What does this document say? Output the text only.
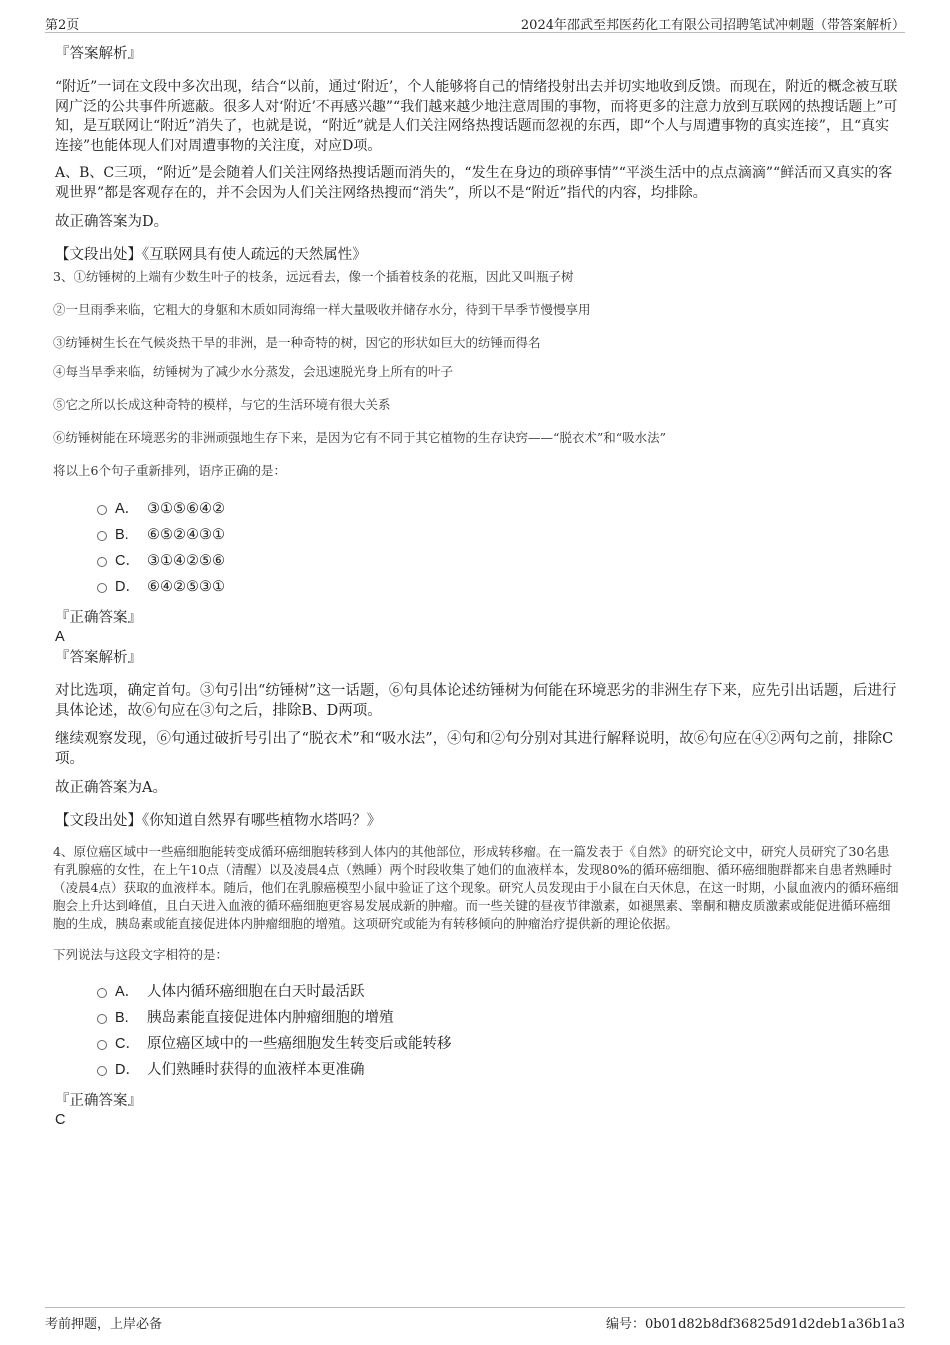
第2页	2024年邵武至邦医药化工有限公司招聘笔试冲刺题（带答案解析）

『答案解析』

“附近”一词在文段中多次出现，结合“以前，通过‘附近’，个人能够将自己的情绪投射出去并切实地收到反馈。而现在，附近的概念被互联网广泛的公共事件所遮蔽。很多人对‘附近’不再感兴趣”“我们越来越少地注意周围的事物，而将更多的注意力放到互联网的热搜话题上”可知，是互联网让“附近”消失了，也就是说，“附近”就是人们关注网络热搜话题而忽视的东西，即“个人与周遭事物的真实连接”，且“真实连接”也能体现人们对周遭事物的关注度，对应D项。

A、B、C三项，“附近”是会随着人们关注网络热搜话题而消失的，“发生在身边的琐碎事情”“平淡生活中的点点滴滴”“鲜活而又真实的客观世界”都是客观存在的，并不会因为人们关注网络热搜而“消失”，所以不是“附近”指代的内容，均排除。

故正确答案为D。

【文段出处】《互联网具有使人疏远的天然属性》

3、①纺锤树的上端有少数生叶子的枝条，远远看去，像一个插着枝条的花瓶，因此又叫瓶子树

②一旦雨季来临，它粗大的身躯和木质如同海绵一样大量吸收并储存水分，待到干旱季节慢慢享用

③纺锤树生长在气候炎热干旱的非洲，是一种奇特的树，因它的形状如巨大的纺锤而得名

④每当旱季来临，纺锤树为了减少水分蒸发，会迅速脱光身上所有的叶子

⑤它之所以长成这种奇特的模样，与它的生活环境有很大关系

⑥纺锤树能在环境恶劣的非洲顽强地生存下来，是因为它有不同于其它植物的生存诀窍——“脱衣术”和“吸水法”

将以上6个句子重新排列，语序正确的是：

A． ③①⑤⑥④②
B. ⑥⑤②④③①
C． ③①④②⑤⑥
D． ⑥④②⑤③①

『正确答案』

A

『答案解析』

对比选项，确定首句。③句引出“纺锤树”这一话题，⑥句具体论述纺锤树为何能在环境恶劣的非洲生存下来，应先引出话题，后进行具体论述，故⑥句应在③句之后，排除B、D两项。

继续观察发现，⑥句通过破折号引出了“脱衣术”和“吸水法”，④句和②句分别对其进行解释说明，故⑥句应在④②两句之前，排除C项。

故正确答案为A。

【文段出处】《你知道自然界有哪些植物水塔吗？》

4、原位癌区域中一些癌细胞能转变成循环癌细胞转移到人体内的其他部位，形成转移瘤。在一篇发表于《自然》的研究论文中，研究人员研究了30名患有乳腺癌的女性，在上午10点（清醒）以及凌晨4点（熟睡）两个时段收集了她们的血液样本，发现80%的循环癌细胞、循环癌细胞群都来自患者熟睡时（凌晨4点）获取的血液样本。随后，他们在乳腺癌模型小鼠中验证了这个现象。研究人员发现由于小鼠在白天休息，在这一时期，小鼠血液内的循环癌细胞会上升达到峰值，且白天进入血液的循环癌细胞更容易发展成新的肿瘤。而一些关键的昼夜节律激素，如褪黑素、睾酮和糖皮质激素或能促进循环癌细胞的生成，胰岛素或能直接促进体内肿瘤细胞的增殖。这项研究或能为有转移倾向的肿瘤治疗提供新的理论依据。

下列说法与这段文字相符的是：

A． 人体内循环癌细胞在白天时最活跃
B. 胰岛素能直接促进体内肿瘤细胞的增殖
C． 原位癌区域中的一些癌细胞发生转变后或能转移
D． 人们熟睡时获得的血液样本更准确

『正确答案』

C

考前押题，上岸必备	编号：0b01d82b8df36825d91d2deb1a36b1a3
